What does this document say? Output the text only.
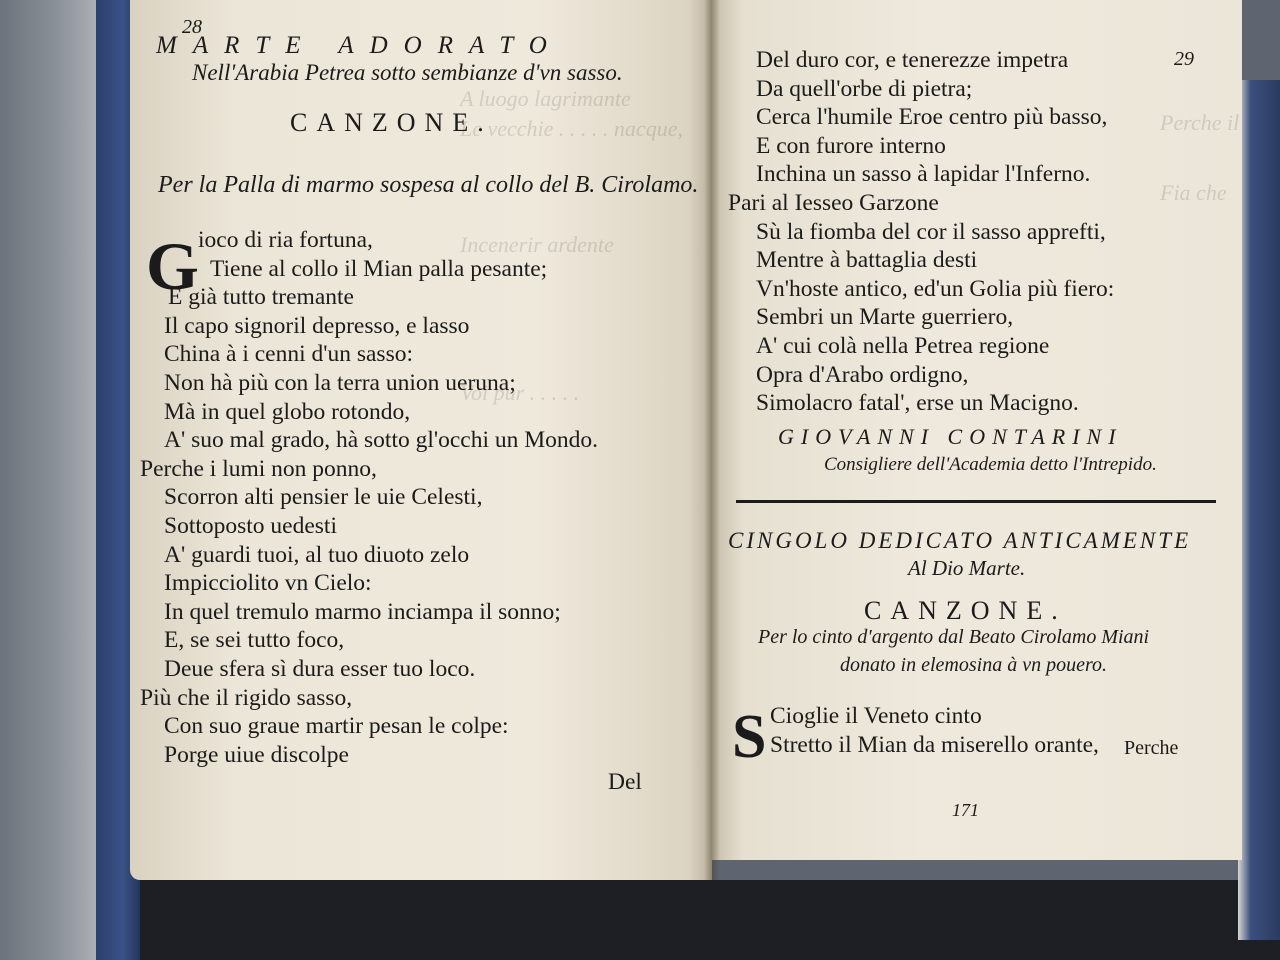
A luogo lagrimante
Le vecchie . . . . . nacque,
Incenerir ardente
Voi pur . . . . .
28
MARTE ADORATO
Nell'Arabia Petrea sotto sembianze d'vn sasso.
CANZONE.
Per la Palla di marmo sospesa al collo del B. Cirolamo.
G ioco di ria fortuna,
Tiene al collo il Mian palla pesante;
E già tutto tremante
Il capo signoril depresso, e lasso
China à i cenni d'un sasso:
Non hà più con la terra union ueruna;
Mà in quel globo rotondo,
A' suo mal grado, hà sotto gl'occhi un Mondo.
Perche i lumi non ponno,
Scorron alti pensier le uie Celesti,
Sottoposto uedesti
A' guardi tuoi, al tuo diuoto zelo
Impicciolito vn Cielo:
In quel tremulo marmo inciampa il sonno;
E, se sei tutto foco,
Deue sfera sì dura esser tuo loco.
Più che il rigido sasso,
Con suo graue martir pesan le colpe:
Porge uiue discolpe
Del
Perche il
Fia che
29
Del duro cor, e tenerezze impetra
Da quell'orbe di pietra;
Cerca l'humile Eroe centro più basso,
E con furore interno
Inchina un sasso à lapidar l'Inferno.
Pari al Iesseo Garzone
Sù la fiomba del cor il sasso apprefti,
Mentre à battaglia desti
Vn'hoste antico, ed'un Golia più fiero:
Sembri un Marte guerriero,
A' cui colà nella Petrea regione
Opra d'Arabo ordigno,
Simolacro fatal', erse un Macigno.
GIOVANNI CONTARINI
Consigliere dell'Academia detto l'Intrepido.
CINGOLO DEDICATO ANTICAMENTE
Al Dio Marte.
CANZONE.
Per lo cinto d'argento dal Beato Cirolamo Miani
donato in elemosina à vn pouero.
S Cioglie il Veneto cinto
Stretto il Mian da miserello orante, Perche
171
